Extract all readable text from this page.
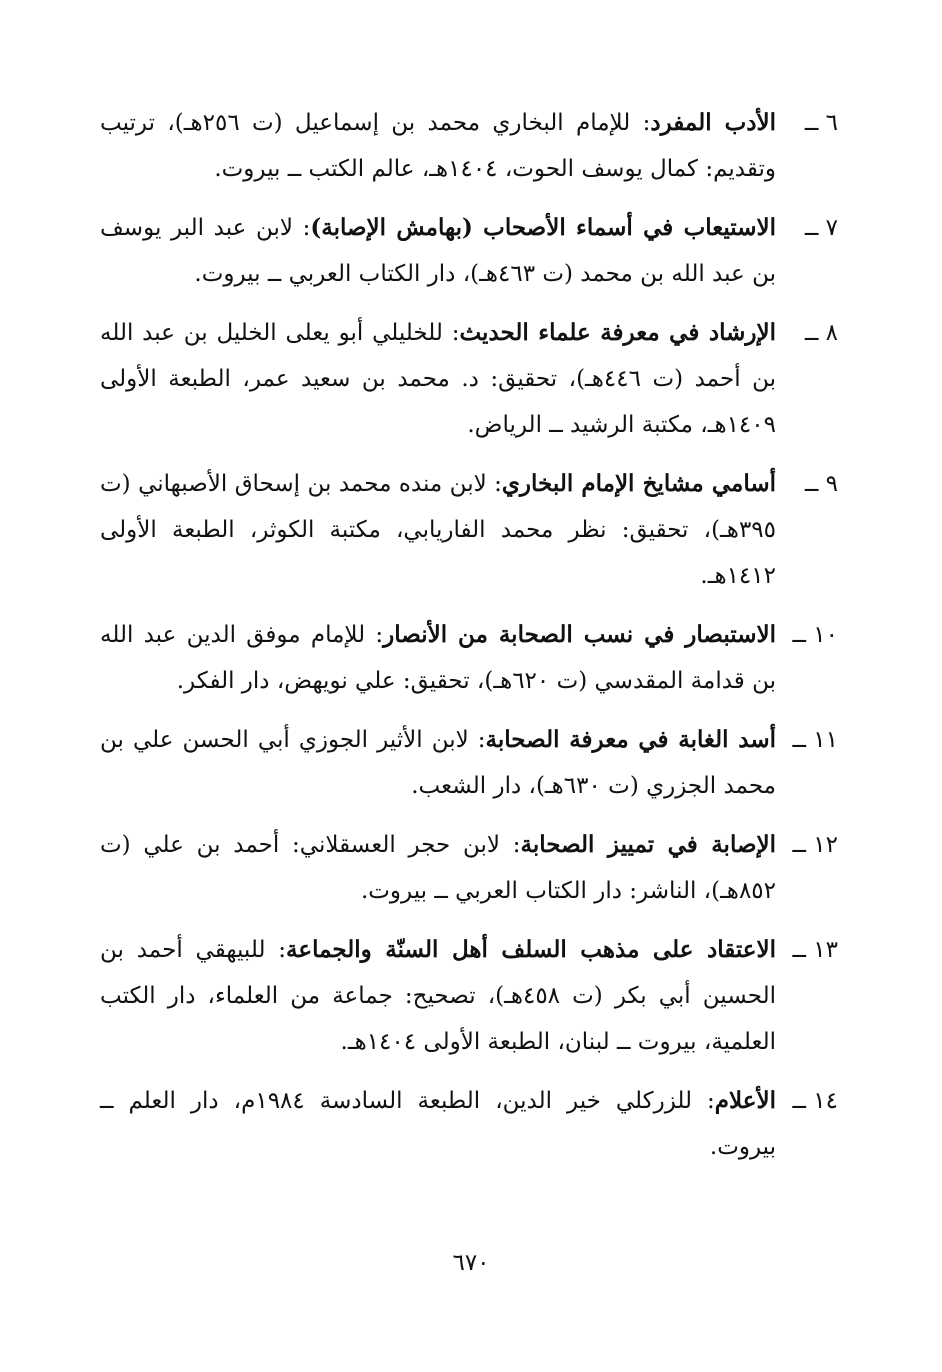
٦ ــ
الأدب المفرد: للإمام البخاري محمد بن إسماعيل (ت ٢٥٦هـ)، ترتيب وتقديم: كمال يوسف الحوت، ١٤٠٤هـ، عالم الكتب ــ بيروت.
٧ ــ
الاستيعاب في أسماء الأصحاب (بهامش الإصابة): لابن عبد البر يوسف بن عبد الله بن محمد (ت ٤٦٣هـ)، دار الكتاب العربي ــ بيروت.
٨ ــ
الإرشاد في معرفة علماء الحديث: للخليلي أبو يعلى الخليل بن عبد الله بن أحمد (ت ٤٤٦هـ)، تحقيق: د. محمد بن سعيد عمر، الطبعة الأولى ١٤٠٩هـ، مكتبة الرشيد ــ الرياض.
٩ ــ
أسامي مشايخ الإمام البخاري: لابن منده محمد بن إسحاق الأصبهاني (ت ٣٩٥هـ)، تحقيق: نظر محمد الفاريابي، مكتبة الكوثر، الطبعة الأولى ١٤١٢هـ.
١٠ ــ
الاستبصار في نسب الصحابة من الأنصار: للإمام موفق الدين عبد الله بن قدامة المقدسي (ت ٦٢٠هـ)، تحقيق: علي نويهض، دار الفكر.
١١ ــ
أسد الغابة في معرفة الصحابة: لابن الأثير الجوزي أبي الحسن علي بن محمد الجزري (ت ٦٣٠هـ)، دار الشعب.
١٢ ــ
الإصابة في تمييز الصحابة: لابن حجر العسقلاني: أحمد بن علي (ت ٨٥٢هـ)، الناشر: دار الكتاب العربي ــ بيروت.
١٣ ــ
الاعتقاد على مذهب السلف أهل السنّة والجماعة: للبيهقي أحمد بن الحسين أبي بكر (ت ٤٥٨هـ)، تصحيح: جماعة من العلماء، دار الكتب العلمية، بيروت ــ لبنان، الطبعة الأولى ١٤٠٤هـ.
١٤ ــ
الأعلام: للزركلي خير الدين، الطبعة السادسة ١٩٨٤م، دار العلم ــ بيروت.
٦٧٠
